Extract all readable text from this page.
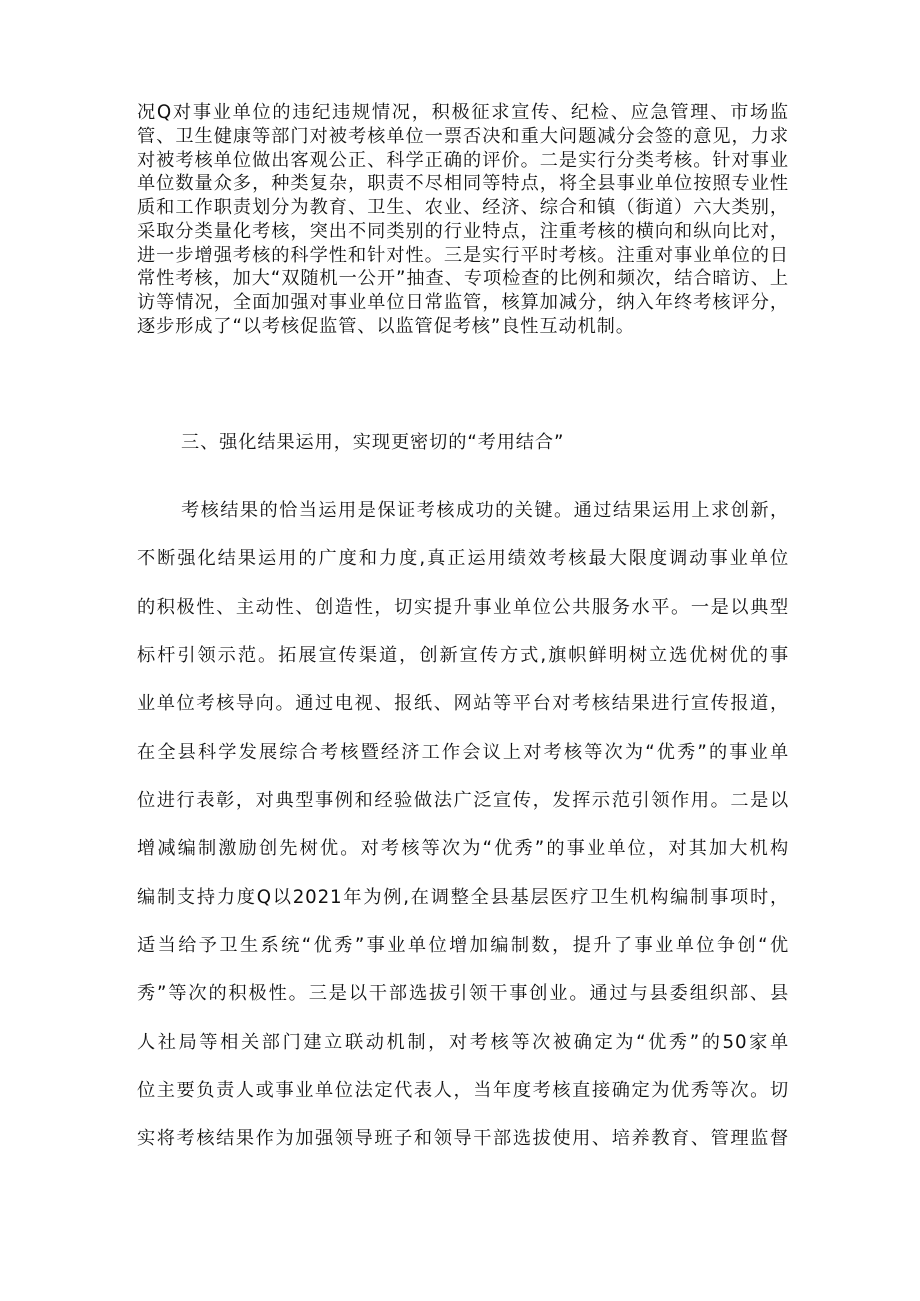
况Q对事业单位的违纪违规情况，积极征求宣传、纪检、应急管理、市场监管、卫生健康等部门对被考核单位一票否决和重大问题减分会签的意见，力求对被考核单位做出客观公正、科学正确的评价。二是实行分类考核。针对事业单位数量众多，种类复杂，职责不尽相同等特点，将全县事业单位按照专业性质和工作职责划分为教育、卫生、农业、经济、综合和镇（街道）六大类别，采取分类量化考核，突出不同类别的行业特点，注重考核的横向和纵向比对，进一步增强考核的科学性和针对性。三是实行平时考核。注重对事业单位的日常性考核，加大“双随机一公开”抽查、专项检查的比例和频次，结合暗访、上访等情况，全面加强对事业单位日常监管，核算加减分，纳入年终考核评分，逐步形成了“以考核促监管、以监管促考核”良性互动机制。

三、强化结果运用，实现更密切的“考用结合”

考核结果的恰当运用是保证考核成功的关键。通过结果运用上求创新，

不断强化结果运用的广度和力度,真正运用绩效考核最大限度调动事业单位

的积极性、主动性、创造性，切实提升事业单位公共服务水平。一是以典型

标杆引领示范。拓展宣传渠道，创新宣传方式,旗帜鲜明树立选优树优的事

业单位考核导向。通过电视、报纸、网站等平台对考核结果进行宣传报道，

在全县科学发展综合考核暨经济工作会议上对考核等次为“优秀”的事业单

位进行表彰，对典型事例和经验做法广泛宣传，发挥示范引领作用。二是以

增减编制激励创先树优。对考核等次为“优秀”的事业单位，对其加大机构

编制支持力度Q以2021年为例,在调整全县基层医疗卫生机构编制事项时，

适当给予卫生系统“优秀”事业单位增加编制数，提升了事业单位争创“优

秀”等次的积极性。三是以干部选拔引领干事创业。通过与县委组织部、县

人社局等相关部门建立联动机制，对考核等次被确定为“优秀”的50家单

位主要负责人或事业单位法定代表人，当年度考核直接确定为优秀等次。切

实将考核结果作为加强领导班子和领导干部选拔使用、培养教育、管理监督
